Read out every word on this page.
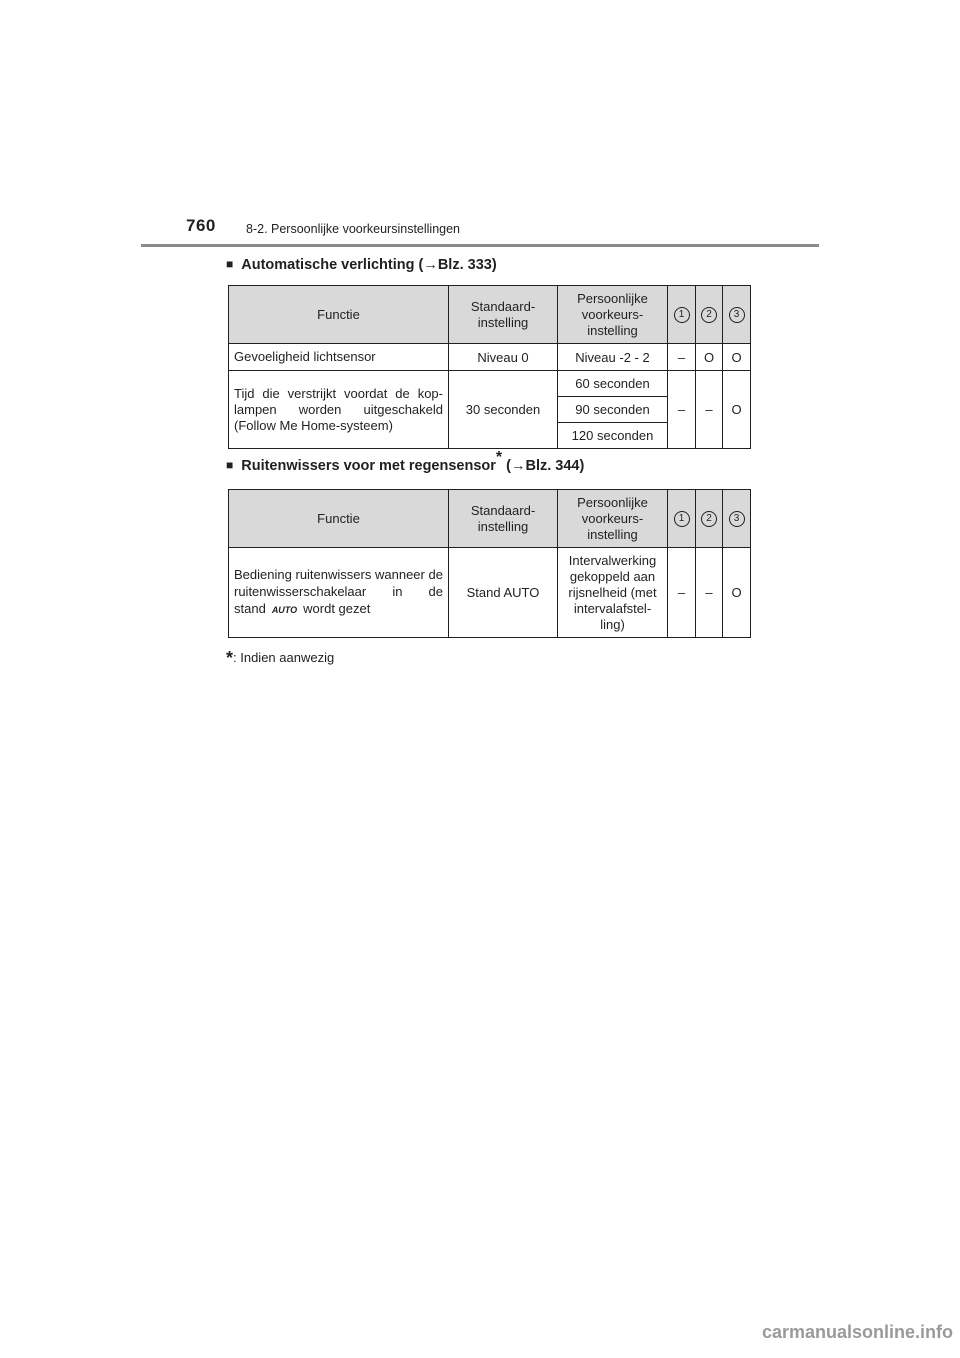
760 8-2. Persoonlijke voorkeursinstellingen
■ Automatische verlichting (→Blz. 333)
Functie	Standaard-instelling	Persoonlijke voorkeurs-instelling	1	2	3
Gevoeligheid lichtsensor	Niveau 0	Niveau -2 - 2	–	O	O
Tijd die verstrijkt voordat de kop-lampen worden uitgeschakeld (Follow Me Home-systeem)	30 seconden	60 seconden	–	–	O
		90 seconden			
		120 seconden			
■ Ruitenwissers voor met regensensor* (→Blz. 344)
Functie	Standaard-instelling	Persoonlijke voorkeurs-instelling	1	2	3
Bediening ruitenwissers wanneer de ruitenwisserschakelaar in de stand AUTO wordt gezet	Stand AUTO	Intervalwerking gekoppeld aan rijsnelheid (met intervalafstel-ling)	–	–	O
*: Indien aanwezig
carmanualsonline.info
